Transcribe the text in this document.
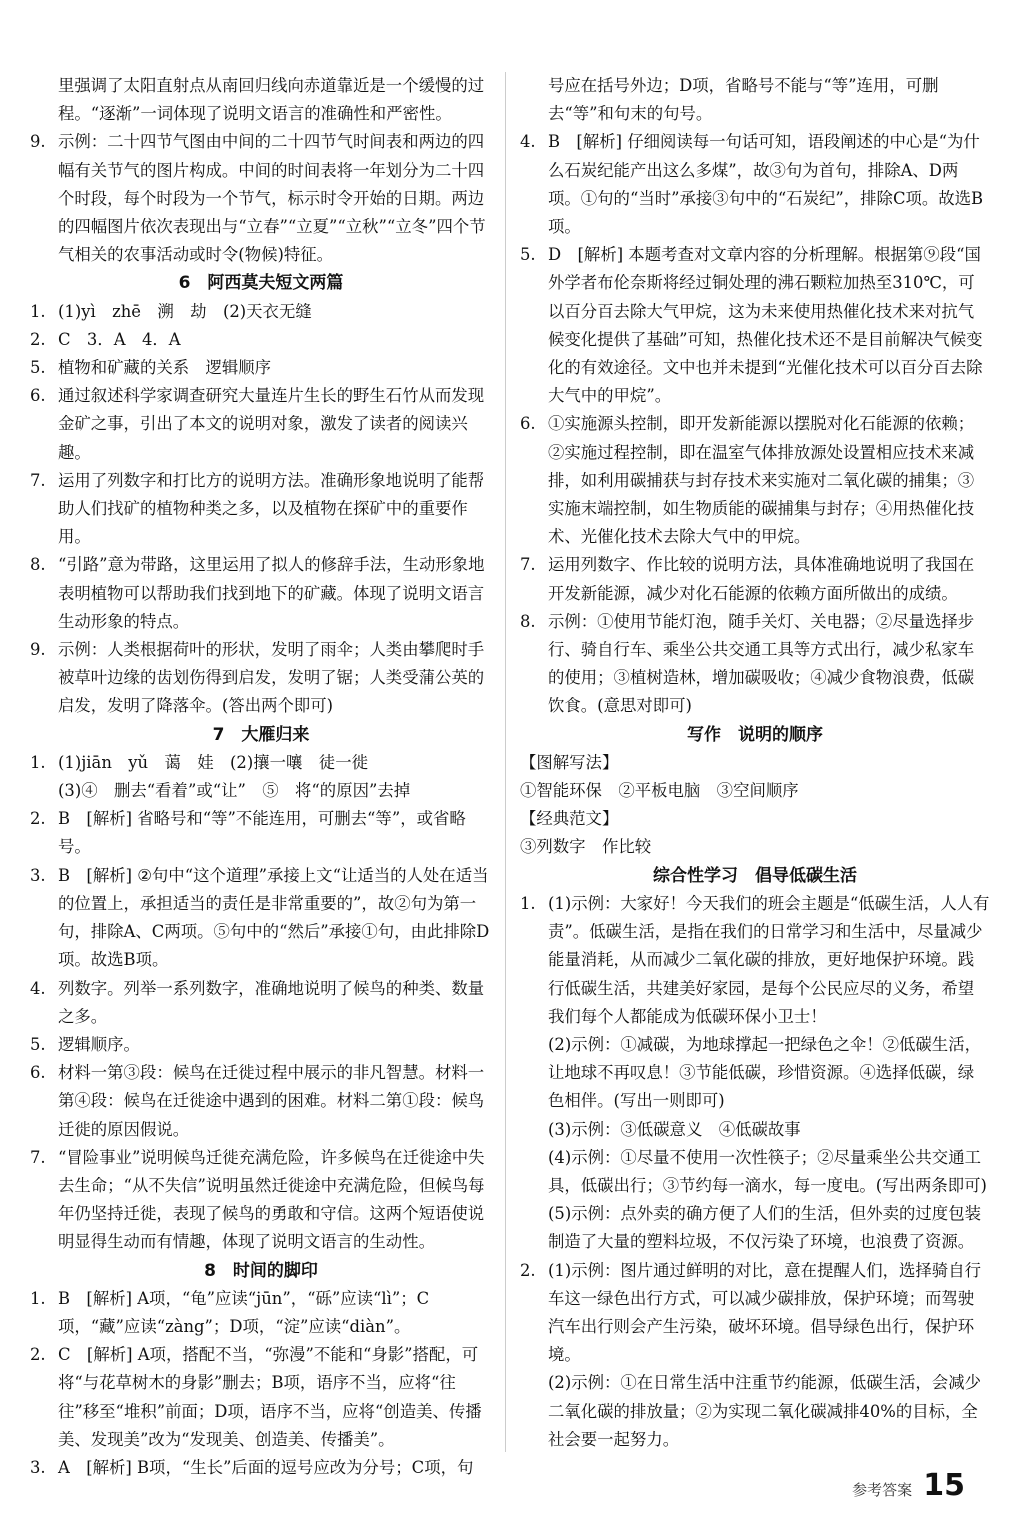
里强调了太阳直射点从南回归线向赤道靠近是一个缓慢的过程。“逐渐”一词体现了说明文语言的准确性和严密性。
9. 示例：二十四节气图由中间的二十四节气时间表和两边的四幅有关节气的图片构成。中间的时间表将一年划分为二十四个时段，每个时段为一个节气，标示时令开始的日期。两边的四幅图片依次表现出与“立春”“立夏”“立秋”“立冬”四个节气相关的农事活动或时令(物候)特征。
6　阿西莫夫短文两篇
1. (1)yì　zhē　溯　劫　(2)天衣无缝
2. C　3．A　4．A
5. 植物和矿藏的关系　逻辑顺序
6. 通过叙述科学家调查研究大量连片生长的野生石竹从而发现金矿之事，引出了本文的说明对象，激发了读者的阅读兴趣。
7. 运用了列数字和打比方的说明方法。准确形象地说明了能帮助人们找矿的植物种类之多，以及植物在探矿中的重要作用。
8. “引路”意为带路，这里运用了拟人的修辞手法，生动形象地表明植物可以帮助我们找到地下的矿藏。体现了说明文语言生动形象的特点。
9. 示例：人类根据荷叶的形状，发明了雨伞；人类由攀爬时手被草叶边缘的齿划伤得到启发，发明了锯；人类受蒲公英的启发，发明了降落伞。(答出两个即可)
7　大雁归来
1. (1)jiān　yǔ　蔼　娃　(2)攘一嚷　徒一徙
(3)④　删去“看着”或“让”　⑤　将“的原因”去掉
2. B　[解析] 省略号和“等”不能连用，可删去“等”，或省略号。
3. B　[解析] ②句中“这个道理”承接上文“让适当的人处在适当的位置上，承担适当的责任是非常重要的”，故②句为第一句，排除A、C两项。⑤句中的“然后”承接①句，由此排除D项。故选B项。
4. 列数字。列举一系列数字，准确地说明了候鸟的种类、数量之多。
5. 逻辑顺序。
6. 材料一第③段：候鸟在迁徙过程中展示的非凡智慧。材料一第④段：候鸟在迁徙途中遇到的困难。材料二第①段：候鸟迁徙的原因假说。
7. “冒险事业”说明候鸟迁徙充满危险，许多候鸟在迁徙途中失去生命；“从不失信”说明虽然迁徙途中充满危险，但候鸟每年仍坚持迁徙，表现了候鸟的勇敢和守信。这两个短语使说明显得生动而有情趣，体现了说明文语言的生动性。
8　时间的脚印
1. B　[解析] A项，“龟”应读“jūn”，“砾”应读“lì”；C项，“藏”应读“zàng”；D项，“淀”应读“diàn”。
2. C　[解析] A项，搭配不当，“弥漫”不能和“身影”搭配，可将“与花草树木的身影”删去；B项，语序不当，应将“往往”移至“堆积”前面；D项，语序不当，应将“创造美、传播美、发现美”改为“发现美、创造美、传播美”。
3. A　[解析] B项，“生长”后面的逗号应改为分号；C项，句
号应在括号外边；D项，省略号不能与“等”连用，可删去“等”和句末的句号。
4. B　[解析] 仔细阅读每一句话可知，语段阐述的中心是“为什么石炭纪能产出这么多煤”，故③句为首句，排除A、D两项。①句的“当时”承接③句中的“石炭纪”，排除C项。故选B项。
5. D　[解析] 本题考查对文章内容的分析理解。根据第⑨段“国外学者布伦奈斯将经过铜处理的沸石颗粒加热至310℃，可以百分百去除大气甲烷，这为未来使用热催化技术来对抗气候变化提供了基础”可知，热催化技术还不是目前解决气候变化的有效途径。文中也并未提到“光催化技术可以百分百去除大气中的甲烷”。
6. ①实施源头控制，即开发新能源以摆脱对化石能源的依赖；②实施过程控制，即在温室气体排放源处设置相应技术来减排，如利用碳捕获与封存技术来实施对二氧化碳的捕集；③实施末端控制，如生物质能的碳捕集与封存；④用热催化技术、光催化技术去除大气中的甲烷。
7. 运用列数字、作比较的说明方法，具体准确地说明了我国在开发新能源，减少对化石能源的依赖方面所做出的成绩。
8. 示例：①使用节能灯泡，随手关灯、关电器；②尽量选择步行、骑自行车、乘坐公共交通工具等方式出行，减少私家车的使用；③植树造林，增加碳吸收；④减少食物浪费，低碳饮食。(意思对即可)
写作　说明的顺序
【图解写法】
①智能环保　②平板电脑　③空间顺序
【经典范文】
③列数字　作比较
综合性学习　倡导低碳生活
1. (1)示例：大家好！今天我们的班会主题是“低碳生活，人人有责”。低碳生活，是指在我们的日常学习和生活中，尽量减少能量消耗，从而减少二氧化碳的排放，更好地保护环境。践行低碳生活，共建美好家园，是每个公民应尽的义务，希望我们每个人都能成为低碳环保小卫士！
(2)示例：①减碳，为地球撑起一把绿色之伞！②低碳生活，让地球不再叹息！③节能低碳，珍惜资源。④选择低碳，绿色相伴。(写出一则即可)
(3)示例：③低碳意义　④低碳故事
(4)示例：①尽量不使用一次性筷子；②尽量乘坐公共交通工具，低碳出行；③节约每一滴水，每一度电。(写出两条即可)
(5)示例：点外卖的确方便了人们的生活，但外卖的过度包装制造了大量的塑料垃圾，不仅污染了环境，也浪费了资源。
2. (1)示例：图片通过鲜明的对比，意在提醒人们，选择骑自行车这一绿色出行方式，可以减少碳排放，保护环境；而驾驶汽车出行则会产生污染，破坏环境。倡导绿色出行，保护环境。
(2)示例：①在日常生活中注重节约能源，低碳生活，会减少二氧化碳的排放量；②为实现二氧化碳减排40%的目标，全社会要一起努力。
参考答案 15
